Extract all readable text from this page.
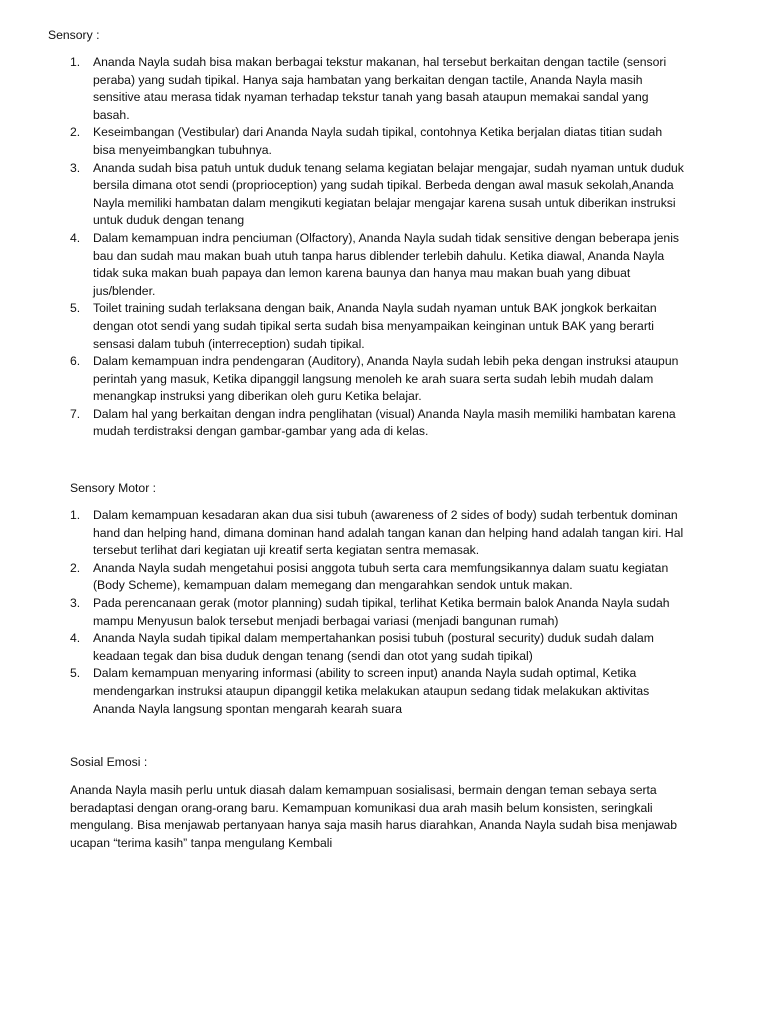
Sensory :
1. Ananda Nayla sudah bisa makan berbagai tekstur makanan, hal tersebut berkaitan dengan tactile (sensori peraba) yang sudah tipikal. Hanya saja hambatan yang berkaitan dengan tactile, Ananda Nayla masih sensitive atau merasa tidak nyaman terhadap tekstur tanah yang basah ataupun memakai sandal yang basah.
2. Keseimbangan (Vestibular) dari Ananda Nayla sudah tipikal, contohnya Ketika berjalan diatas titian sudah bisa menyeimbangkan tubuhnya.
3. Ananda sudah bisa patuh untuk duduk tenang selama kegiatan belajar mengajar, sudah nyaman untuk duduk bersila dimana otot sendi (proprioception) yang sudah tipikal. Berbeda dengan awal masuk sekolah,Ananda Nayla memiliki hambatan dalam mengikuti kegiatan belajar mengajar karena susah untuk diberikan instruksi untuk duduk dengan tenang
4. Dalam kemampuan indra penciuman (Olfactory), Ananda Nayla sudah tidak sensitive dengan beberapa jenis bau dan sudah mau makan buah utuh tanpa harus diblender terlebih dahulu. Ketika diawal, Ananda Nayla tidak suka makan buah papaya dan lemon karena baunya dan hanya mau makan buah yang dibuat jus/blender.
5. Toilet training sudah terlaksana dengan baik, Ananda Nayla sudah nyaman untuk BAK jongkok berkaitan dengan otot sendi yang sudah tipikal serta sudah bisa menyampaikan keinginan untuk BAK yang berarti sensasi dalam tubuh (interreception) sudah tipikal.
6. Dalam kemampuan indra pendengaran (Auditory), Ananda Nayla sudah lebih peka dengan instruksi ataupun perintah yang masuk, Ketika dipanggil langsung menoleh ke arah suara serta sudah lebih mudah dalam menangkap instruksi yang diberikan oleh guru Ketika belajar.
7. Dalam hal yang berkaitan dengan indra penglihatan (visual) Ananda Nayla masih memiliki hambatan karena mudah terdistraksi dengan gambar-gambar yang ada di kelas.
Sensory Motor :
1. Dalam kemampuan kesadaran akan dua sisi tubuh (awareness of 2 sides of body) sudah terbentuk dominan hand dan helping hand, dimana dominan hand adalah tangan kanan dan helping hand adalah tangan kiri. Hal tersebut terlihat dari kegiatan uji kreatif serta kegiatan sentra memasak.
2. Ananda Nayla sudah mengetahui posisi anggota tubuh serta cara memfungsikannya dalam suatu kegiatan (Body Scheme), kemampuan dalam memegang dan mengarahkan sendok untuk makan.
3. Pada perencanaan gerak (motor planning) sudah tipikal, terlihat Ketika bermain balok Ananda Nayla sudah mampu Menyusun balok tersebut menjadi berbagai variasi (menjadi bangunan rumah)
4. Ananda Nayla sudah tipikal dalam mempertahankan posisi tubuh (postural security) duduk sudah dalam keadaan tegak dan bisa duduk dengan tenang (sendi dan otot yang sudah tipikal)
5. Dalam kemampuan menyaring informasi (ability to screen input) ananda Nayla sudah optimal, Ketika mendengarkan instruksi ataupun dipanggil ketika melakukan ataupun sedang tidak melakukan aktivitas Ananda Nayla langsung spontan mengarah kearah suara
Sosial Emosi :

Ananda Nayla masih perlu untuk diasah dalam kemampuan sosialisasi, bermain dengan teman sebaya serta beradaptasi dengan orang-orang baru. Kemampuan komunikasi dua arah masih belum konsisten, seringkali mengulang. Bisa menjawab pertanyaan hanya saja masih harus diarahkan, Ananda Nayla sudah bisa menjawab ucapan “terima kasih” tanpa mengulang Kembali
